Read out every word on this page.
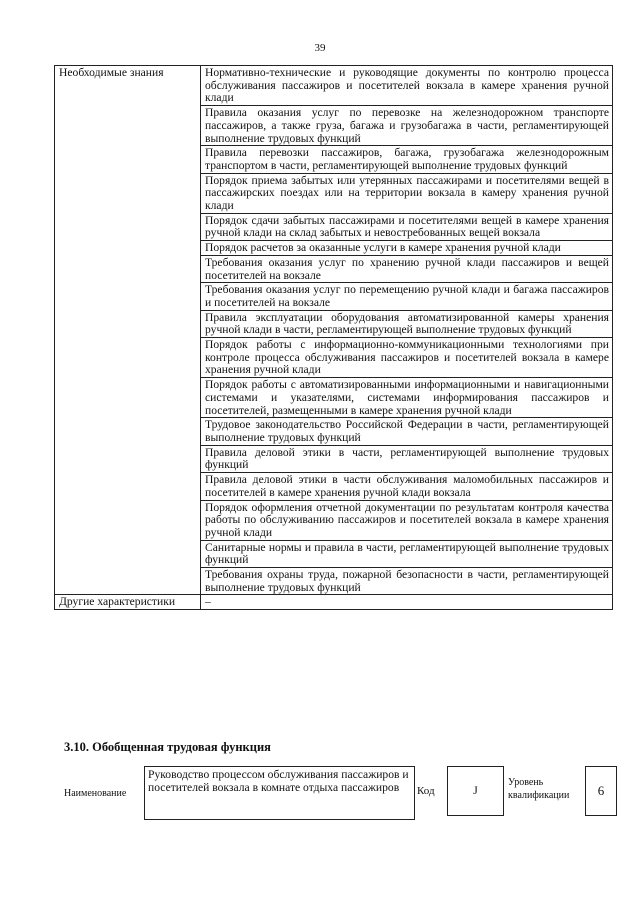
39
Необходимые знания	Нормативно-технические и руководящие документы по контролю процесса обслуживания пассажиров и посетителей вокзала в камере хранения ручной клади
	Правила оказания услуг по перевозке на железнодорожном транспорте пассажиров, а также груза, багажа и грузобагажа в части, регламентирующей выполнение трудовых функций
	Правила перевозки пассажиров, багажа, грузобагажа железнодорожным транспортом в части, регламентирующей выполнение трудовых функций
	Порядок приема забытых или утерянных пассажирами и посетителями вещей в пассажирских поездах или на территории вокзала в камеру хранения ручной клади
	Порядок сдачи забытых пассажирами и посетителями вещей в камере хранения ручной клади на склад забытых и невостребованных вещей вокзала
	Порядок расчетов за оказанные услуги в камере хранения ручной клади
	Требования оказания услуг по хранению ручной клади пассажиров и вещей посетителей на вокзале
	Требования оказания услуг по перемещению ручной клади и багажа пассажиров и посетителей на вокзале
	Правила эксплуатации оборудования автоматизированной камеры хранения ручной клади в части, регламентирующей выполнение трудовых функций
	Порядок работы с информационно-коммуникационными технологиями при контроле процесса обслуживания пассажиров и посетителей вокзала в камере хранения ручной клади
	Порядок работы с автоматизированными информационными и навигационными системами и указателями, системами информирования пассажиров и посетителей, размещенными в камере хранения ручной клади
	Трудовое законодательство Российской Федерации в части, регламентирующей выполнение трудовых функций
	Правила деловой этики в части, регламентирующей выполнение трудовых функций
	Правила деловой этики в части обслуживания маломобильных пассажиров и посетителей в камере хранения ручной клади вокзала
	Порядок оформления отчетной документации по результатам контроля качества работы по обслуживанию пассажиров и посетителей вокзала в камере хранения ручной клади
	Санитарные нормы и правила в части, регламентирующей выполнение трудовых функций
	Требования охраны труда, пожарной безопасности в части, регламентирующей выполнение трудовых функций
Другие характеристики	–
3.10. Обобщенная трудовая функция
Наименование
Руководство процессом обслуживания пассажиров и посетителей вокзала в комнате отдыха пассажиров	Код	J
Уровень квалификации	6
